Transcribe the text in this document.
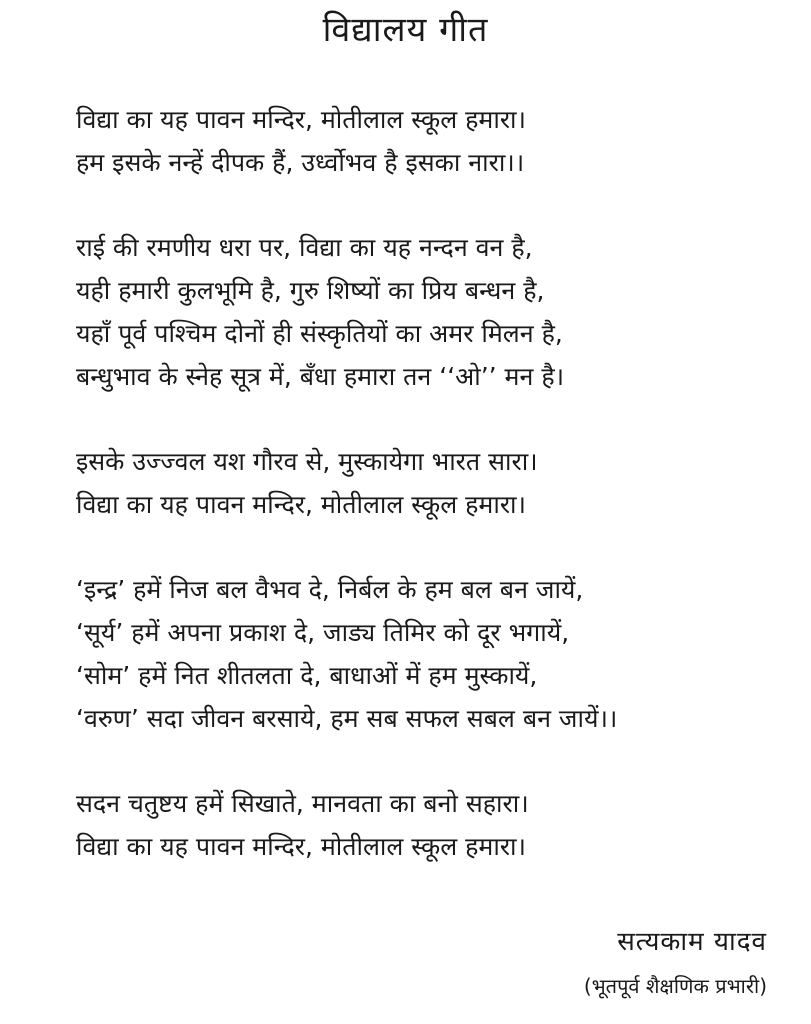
विद्यालय गीत
विद्या का यह पावन मन्दिर, मोतीलाल स्कूल हमारा।
हम इसके नन्हें दीपक हैं, उर्ध्वोभव है इसका नारा।।
राई की रमणीय धरा पर, विद्या का यह नन्दन वन है,
यही हमारी कुलभूमि है, गुरु शिष्यों का प्रिय बन्धन है,
यहाँ पूर्व पश्चिम दोनों ही संस्कृतियों का अमर मिलन है,
बन्धुभाव के स्नेह सूत्र में, बँधा हमारा तन ‘‘ओ’’ मन है।
इसके उज्ज्वल यश गौरव से, मुस्कायेगा भारत सारा।
विद्या का यह पावन मन्दिर, मोतीलाल स्कूल हमारा।
‘इन्द्र’ हमें निज बल वैभव दे, निर्बल के हम बल बन जायें,
‘सूर्य’ हमें अपना प्रकाश दे, जाड्य तिमिर को दूर भगायें,
‘सोम’ हमें नित शीतलता दे, बाधाओं में हम मुस्कायें,
‘वरुण’ सदा जीवन बरसाये, हम सब सफल सबल बन जायें।।
सदन चतुष्टय हमें सिखाते, मानवता का बनो सहारा।
विद्या का यह पावन मन्दिर, मोतीलाल स्कूल हमारा।
सत्यकाम यादव
(भूतपूर्व शैक्षणिक प्रभारी)
